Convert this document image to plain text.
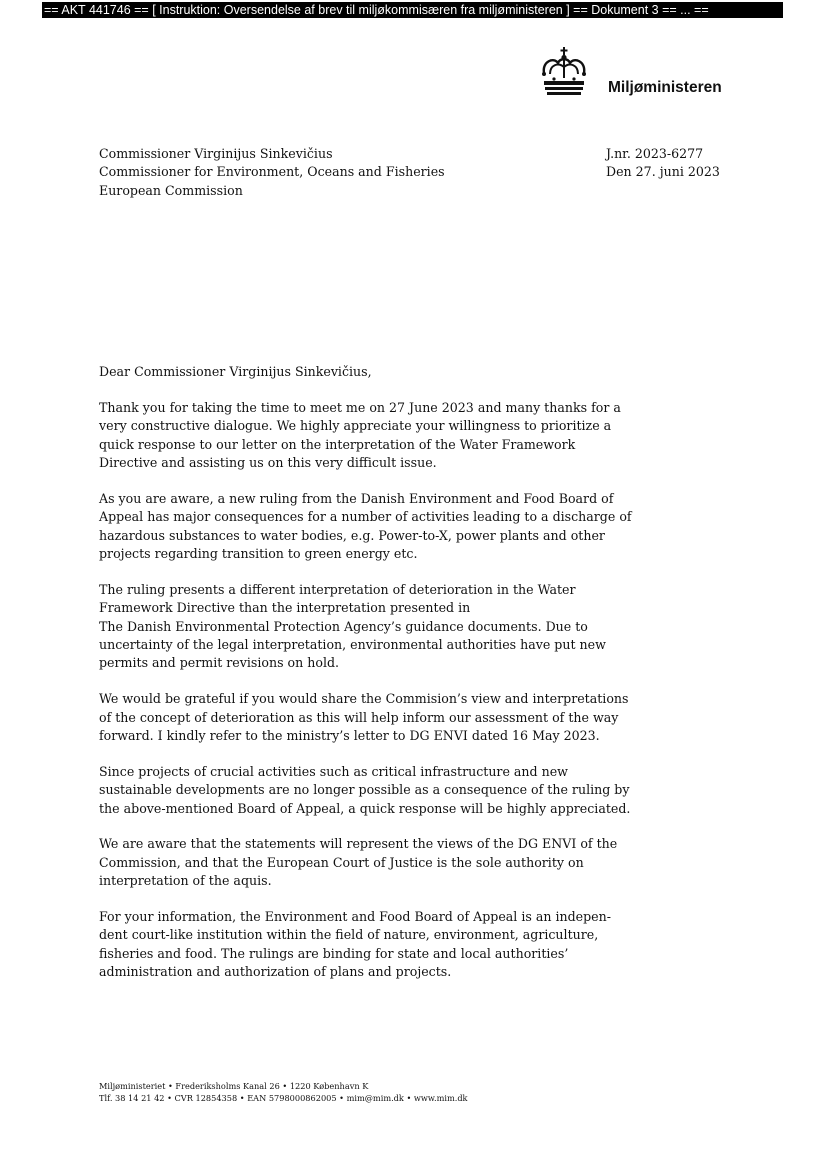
== AKT 441746 == [ Instruktion: Oversendelse af brev til miljøkommisæren fra miljøministeren ] == Dokument 3 == ... ==
Miljøministeren
Commissioner Virginijus Sinkevičius
Commissioner for Environment, Oceans and Fisheries
European Commission
J.nr. 2023-6277
Den 27. juni 2023
Dear Commissioner Virginijus Sinkevičius,

Thank you for taking the time to meet me on 27 June 2023 and many thanks for a
very constructive dialogue. We highly appreciate your willingness to prioritize a
quick response to our letter on the interpretation of the Water Framework
Directive and assisting us on this very difficult issue.

As you are aware, a new ruling from the Danish Environment and Food Board of
Appeal has major consequences for a number of activities leading to a discharge of
hazardous substances to water bodies, e.g. Power-to-X, power plants and other
projects regarding transition to green energy etc.

The ruling presents a different interpretation of deterioration in the Water
Framework Directive than the interpretation presented in
The Danish Environmental Protection Agency’s guidance documents. Due to
uncertainty of the legal interpretation, environmental authorities have put new
permits and permit revisions on hold.

We would be grateful if you would share the Commision’s view and interpretations
of the concept of deterioration as this will help inform our assessment of the way
forward. I kindly refer to the ministry’s letter to DG ENVI dated 16 May 2023.

Since projects of crucial activities such as critical infrastructure and new
sustainable developments are no longer possible as a consequence of the ruling by
the above-mentioned Board of Appeal, a quick response will be highly appreciated.

We are aware that the statements will represent the views of the DG ENVI of the
Commission, and that the European Court of Justice is the sole authority on
interpretation of the aquis.

For your information, the Environment and Food Board of Appeal is an indepen-
dent court-like institution within the field of nature, environment, agriculture,
fisheries and food. The rulings are binding for state and local authorities’
administration and authorization of plans and projects.

Miljøministeriet • Frederiksholms Kanal 26 • 1220 København K
Tlf. 38 14 21 42 • CVR 12854358 • EAN 5798000862005 • mim@mim.dk • www.mim.dk
